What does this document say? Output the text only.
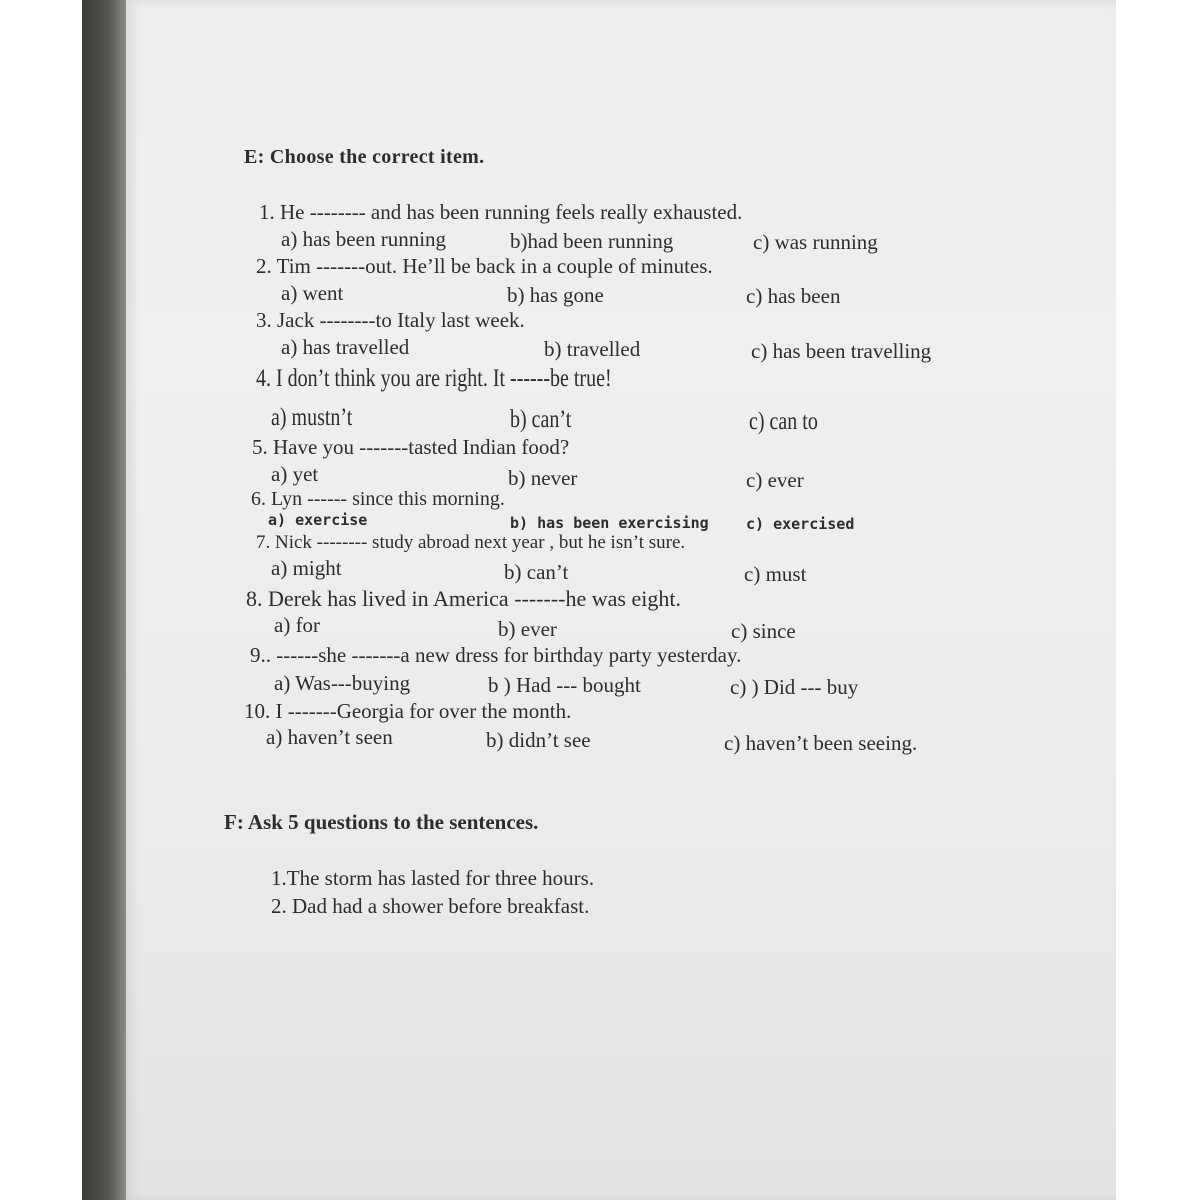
E: Choose the correct item.
1. He -------- and has been running feels really exhausted.
a) has been running	b)had been running	c) was running
2. Tim -------out. He’ll be back in a couple of minutes.
a) went	b) has gone	c) has been
3. Jack --------to Italy last week.
a) has travelled	b) travelled	c) has been travelling
4. I don’t think you are right. It ------be true!
a) mustn’t	b) can’t	c) can to
5. Have you -------tasted Indian food?
a) yet	b) never	c) ever
6. Lyn ------ since this morning.
a) exercise	b) has been exercising c) exercised
7. Nick -------- study abroad next year , but he isn’t sure.
a) might	b) can’t	c) must
8. Derek has lived in America -------he was eight.
a) for	b) ever	c) since
9.. ------she -------a new dress for birthday party yesterday.
a) Was---buying	b ) Had --- bought	c) ) Did --- buy
10. I -------Georgia for over the month.
a) haven’t seen	b) didn’t see	c) haven’t been seeing.
F: Ask 5 questions to the sentences.
1.The storm has lasted for three hours.
2. Dad had a shower before breakfast.
